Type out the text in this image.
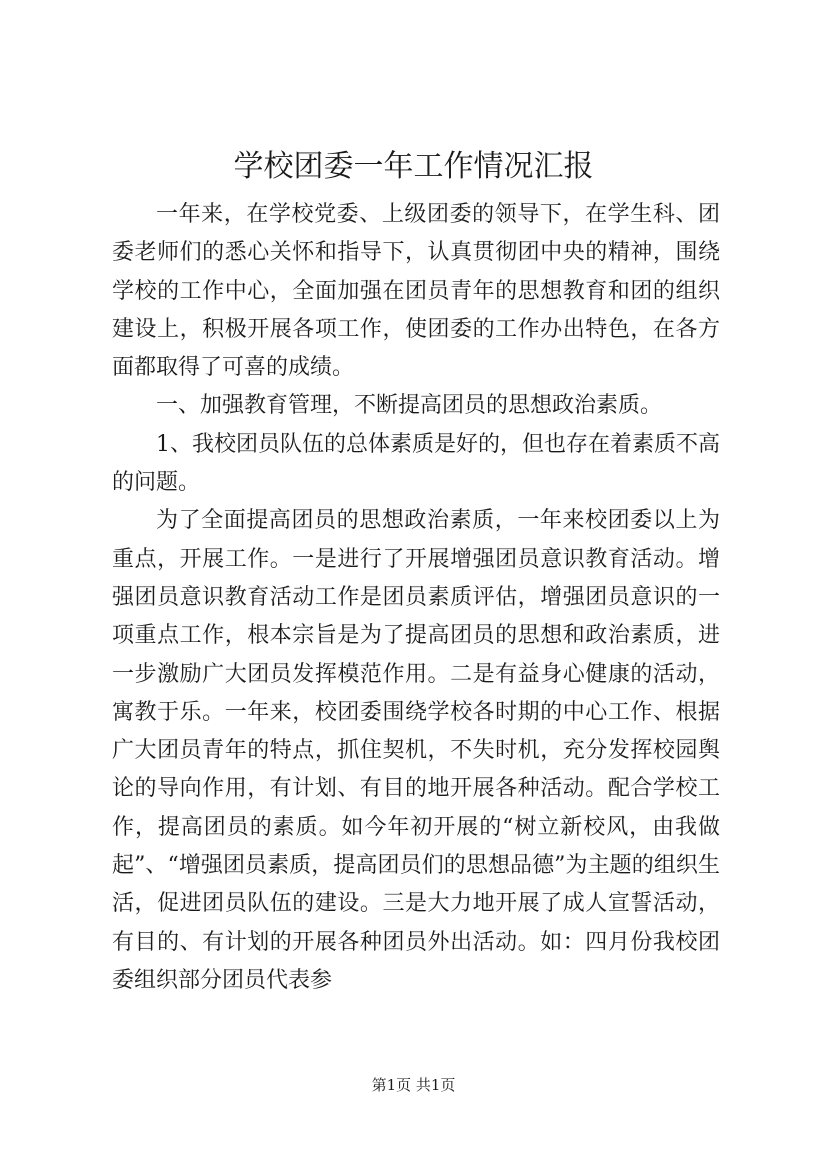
学校团委一年工作情况汇报

一年来，在学校党委、上级团委的领导下，在学生科、团委老师们的悉心关怀和指导下，认真贯彻团中央的精神，围绕学校的工作中心，全面加强在团员青年的思想教育和团的组织建设上，积极开展各项工作，使团委的工作办出特色，在各方面都取得了可喜的成绩。

一、加强教育管理，不断提高团员的思想政治素质。

1、我校团员队伍的总体素质是好的，但也存在着素质不高的问题。

为了全面提高团员的思想政治素质，一年来校团委以上为重点，开展工作。一是进行了开展增强团员意识教育活动。增强团员意识教育活动工作是团员素质评估，增强团员意识的一项重点工作，根本宗旨是为了提高团员的思想和政治素质，进一步激励广大团员发挥模范作用。二是有益身心健康的活动，寓教于乐。一年来，校团委围绕学校各时期的中心工作、根据广大团员青年的特点，抓住契机，不失时机，充分发挥校园舆论的导向作用，有计划、有目的地开展各种活动。配合学校工作，提高团员的素质。如今年初开展的“树立新校风，由我做起”、“增强团员素质，提高团员们的思想品德”为主题的组织生活，促进团员队伍的建设。三是大力地开展了成人宣誓活动，有目的、有计划的开展各种团员外出活动。如：四月份我校团委组织部分团员代表参

第1页 共1页
